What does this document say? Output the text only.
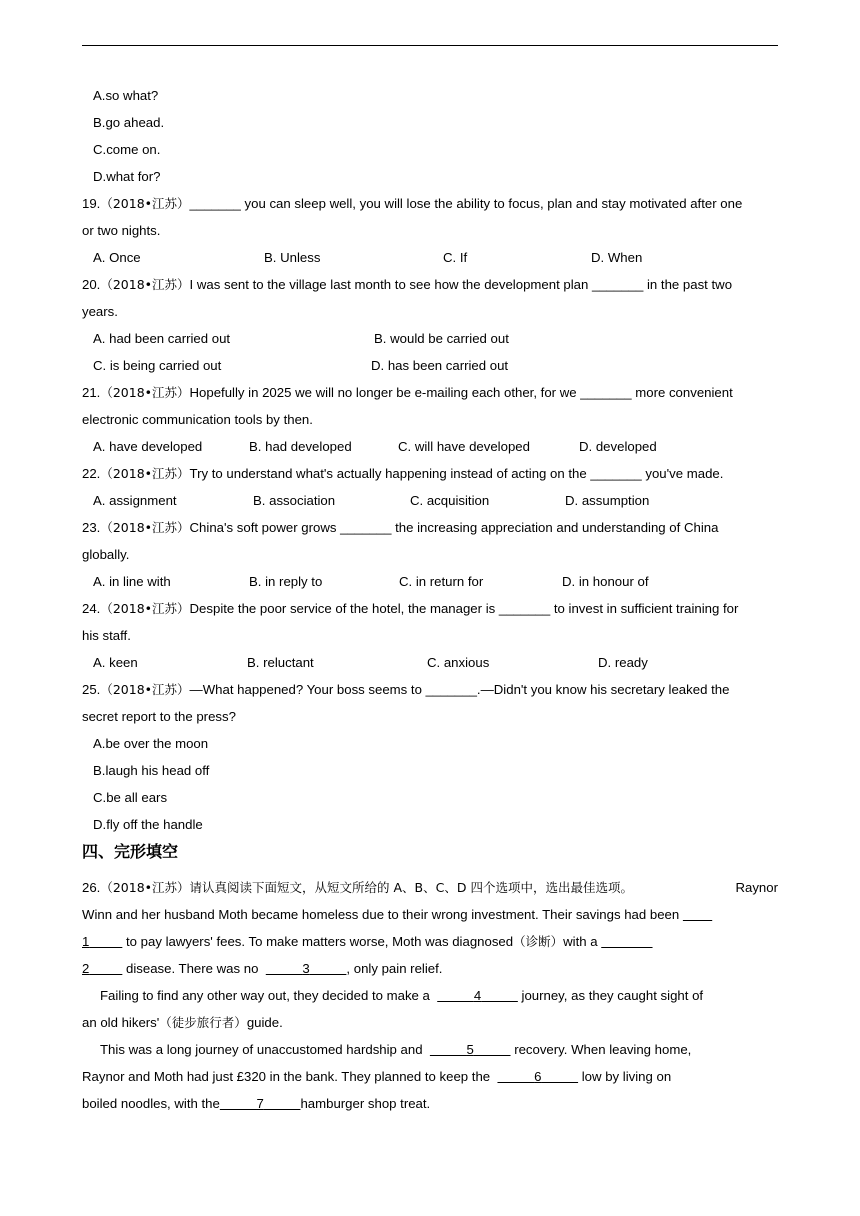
A.so what?
B.go ahead.
C.come on.
D.what for?
19.（2018•江苏）_______ you can sleep well, you will lose the ability to focus, plan and stay motivated after one
or two nights.
A. Once	B. Unless	C. If	D. When
20.（2018•江苏）I was sent to the village last month to see how the development plan _______ in the past two
years.
A. had been carried out	B. would be carried out
C. is being carried out	D. has been carried out
21.（2018•江苏）Hopefully in 2025 we will no longer be e-mailing each other, for we _______ more convenient
electronic communication tools by then.
A. have developed	B. had developed	C. will have developed	D. developed
22.（2018•江苏）Try to understand what's actually happening instead of acting on the _______ you've made.
A. assignment	B. association	C. acquisition	D. assumption
23.（2018•江苏）China's soft power grows _______ the increasing appreciation and understanding of China
globally.
A. in line with	B. in reply to	C. in return for	D. in honour of
24.（2018•江苏）Despite the poor service of the hotel, the manager is _______ to invest in sufficient training for
his staff.
A. keen	B. reluctant	C. anxious	D. ready
25.（2018•江苏）—What happened? Your boss seems to _______.—Didn't you know his secretary leaked the
secret report to the press?
A.be over the moon
B.laugh his head off
C.be all ears
D.fly off the handle
四、完形填空
26.（2018•江苏）请认真阅读下面短文，从短文所给的 A、B、C、D 四个选项中，选出最佳选项。	Raynor
Winn and her husband Moth became homeless due to their wrong investment. Their savings had been
1	to pay lawyers' fees. To make matters worse, Moth was diagnosed（诊断）with a
2	disease. There was no	3	, only pain relief.
Failing to find any other way out, they decided to make a	4	journey, as they caught sight of
an old hikers'（徒步旅行者）guide.
This was a long journey of unaccustomed hardship and	5	recovery. When leaving home,
Raynor and Moth had just £320 in the bank. They planned to keep the	6	low by living on
boiled noodles, with the	7	hamburger shop treat.
